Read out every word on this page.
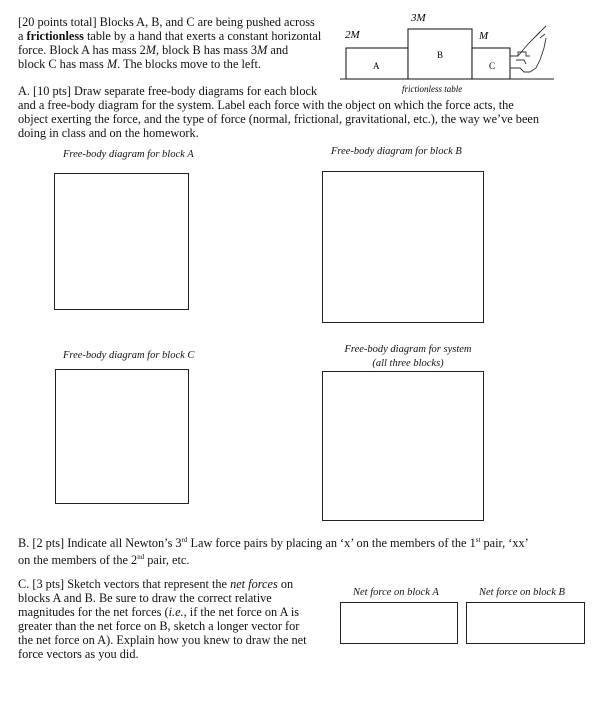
[20 points total] Blocks A, B, and C are being pushed across
a frictionless table by a hand that exerts a constant horizontal
force. Block A has mass 2M, block B has mass 3M and
block C has mass M. The blocks move to the left.
3M
2M	M
A
B
C
frictionless table
A. [10 pts] Draw separate free-body diagrams for each block
and a free-body diagram for the system. Label each force with the object on which the force acts, the
object exerting the force, and the type of force (normal, frictional, gravitational, etc.), the way we’ve been
doing in class and on the homework.
Free-body diagram for block A	Free-body diagram for block B
Free-body diagram for block C
Free-body diagram for system
(all three blocks)
B. [2 pts] Indicate all Newton’s 3rd Law force pairs by placing an ‘x’ on the members of the 1st pair, ‘xx’
on the members of the 2nd pair, etc.
C. [3 pts] Sketch vectors that represent the net forces on
blocks A and B. Be sure to draw the correct relative
magnitudes for the net forces (i.e., if the net force on A is
greater than the net force on B, sketch a longer vector for
the net force on A). Explain how you knew to draw the net
force vectors as you did.
Net force on block A	Net force on block B
